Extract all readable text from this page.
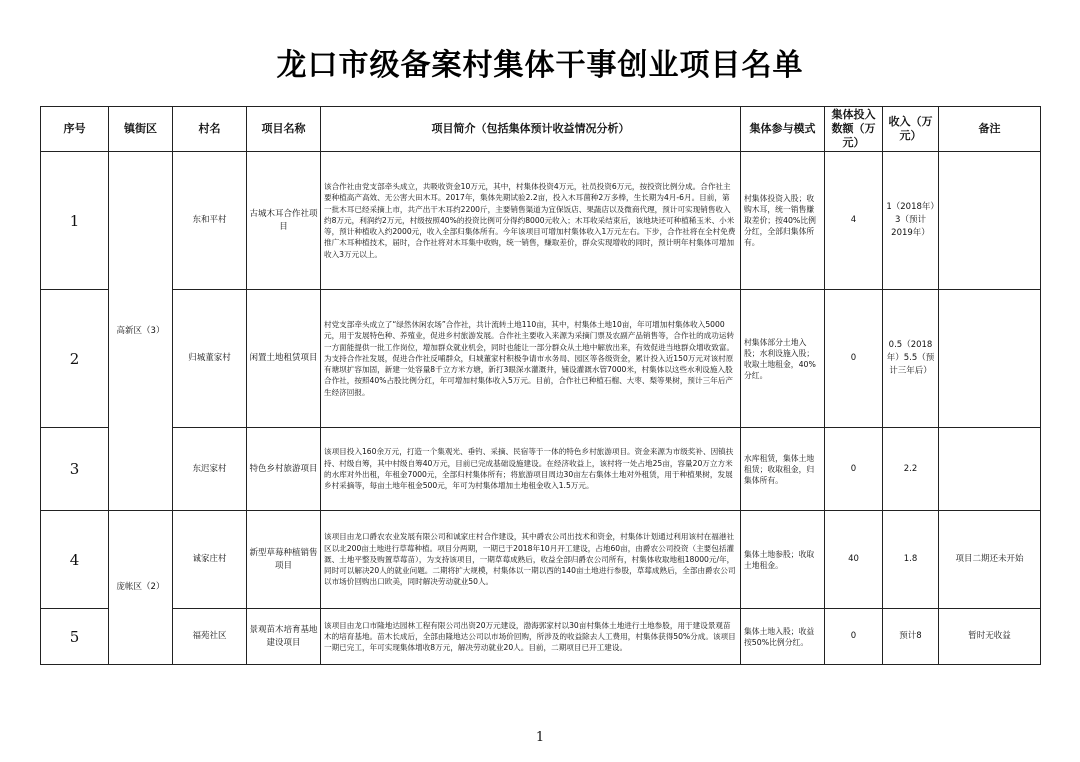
龙口市级备案村集体干事创业项目名单
序号	镇街区	村名	项目名称	项目简介（包括集体预计收益情况分析）	集体参与模式	集体投入数额（万元）	收入（万元）	备注
1	高新区（3）	东和平村	古城木耳合作社项目	该合作社由党支部牵头成立，共吸收资金10万元，其中，村集体投资4万元，社员投资6万元，按投资比例分成。合作社主要种植高产高效、无公害大田木耳。2017年，集体先期试验2.2亩，投入木耳菌种2万多棒，生长期为4月-6月。目前，第一批木耳已经采摘上市，共产出干木耳约2200斤，主要销售渠道为宜保饭店、果蔬店以及微商代理，预计可实现销售收入约8万元，利润约2万元，村级按照40%的投资比例可分得约8000元收入；木耳收采结束后，该地块还可种植稀玉米、小米等，预计种植收入约2000元，收入全部归集体所有。今年该项目可增加村集体收入1万元左右。下步，合作社将在全村免费推广木耳种植技术，届时，合作社将对木耳集中收购，统一销售，赚取差价，群众实现增收的同时，预计明年村集体可增加收入3万元以上。	村集体投资入股；收购木耳，统一销售赚取差价；按40%比例分红，全部归集体所有。	4	1（2018年）3（预计2019年）	
2		归城董家村	闲置土地租赁项目	村党支部牵头成立了“绿然休闲农场”合作社，共计流转土地110亩，其中，村集体土地10亩，年可增加村集体收入5000元，用于发展特色种、养殖业，促进乡村旅游发展。合作社主要收入来源为采摘门票及农副产品销售等，合作社的成功运转一方面能提供一批工作岗位，增加群众就业机会，同时也能让一部分群众从土地中解放出来，有效促进当地群众增收致富。为支持合作社发展，促进合作社反哺群众，归城董家村积极争请市水务局、园区等各级资金，累计投入近150万元对该村原有塘坝扩容加固，新建一处容量8千立方米方塘，新打3眼深水灌溉井，铺设灌溉水管7000米，村集体以这些水利设施入股合作社，按照40%占股比例分红，年可增加村集体收入5万元。目前，合作社已种植石榴、大枣、梨等果树，预计三年后产生经济回报。	村集体部分土地入股；水利设施入股；收取土地租金，40%分红。	0	0.5（2018年）5.5（预计三年后）	
3		东迟家村	特色乡村旅游项目	该项目投入160余万元，打造一个集观光、垂钓、采摘、民宿等于一体的特色乡村旅游项目。资金来源为市级奖补、因镇扶持、村级自筹，其中村级自筹40万元，目前已完成基础设施建设。在经济收益上，该村将一处占地25亩，容量20万立方米的水库对外出租，年租金7000元，全部归村集体所有；将旅游项目周边30亩左右集体土地对外租赁，用于种植果树，发展乡村采摘等，每亩土地年租金500元，年可为村集体增加土地租金收入1.5万元。	水库租赁，集体土地租赁；收取租金，归集体所有。	0	2.2	
4	庞帐区（2）	诚家庄村	新型草莓种植销售项目	该项目由龙口爵农农业发展有限公司和诚家庄村合作建设，其中爵农公司出技术和资金，村集体计划通过利用该村在福港社区以北200亩土地进行草莓种植。项目分两期，一期已于2018年10月开工建设，占地60亩，由爵农公司投资（主要包括灌溉、土地平整及购置草莓苗），为支持该项目，一期草莓成熟后，收益全部归爵农公司所有，村集体收取地租18000元/年，同时可以解决20人的就业问题。二期将扩大规模，村集体以一期以西的140亩土地进行参股，草莓成熟后，全部由爵农公司以市场价回购出口欧美，同时解决劳动就业50人。	集体土地参股；收取土地租金。	40	1.8	项目二期还未开始
5		福苑社区	景观苗木培育基地建设项目	该项目由龙口市隆地达园林工程有限公司出资20万元建设，渤海郭家村以30亩村集体土地进行土地参股，用于建设景观苗木的培育基地。苗木长成后，全部由隆地达公司以市场价回购，所涉及的收益除去人工费用，村集体获得50%分成。该项目一期已完工，年可实现集体增收8万元，解决劳动就业20人。目前，二期项目已开工建设。	集体土地入股；收益按50%比例分红。	0	预计8	暂时无收益
1
